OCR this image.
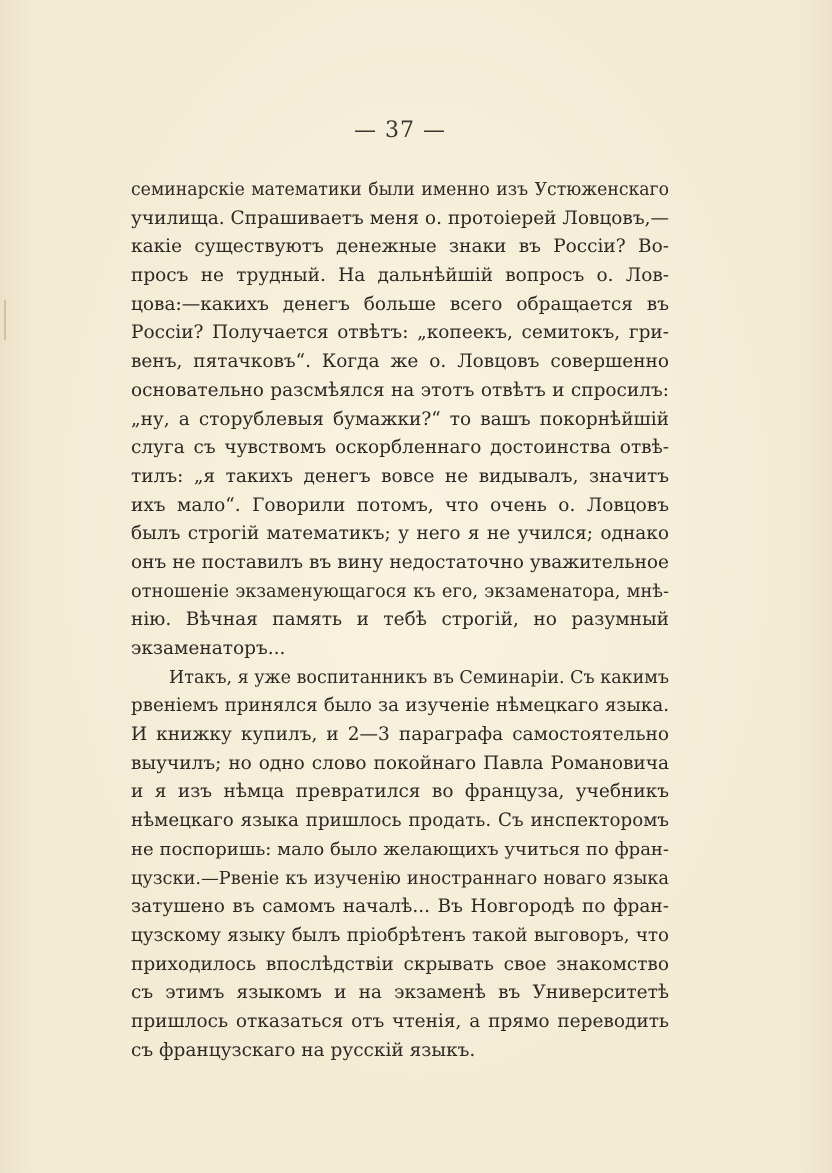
— 37 —
семинарскіе математики были именно изъ Устюженскаго
училища. Спрашиваетъ меня о. протоіерей Ловцовъ,—
какіе существуютъ денежные знаки въ Россіи? Во-
просъ не трудный. На дальнѣйшій вопросъ о. Лов-
цова:—какихъ денегъ больше всего обращается въ
Россіи? Получается отвѣтъ: „копеекъ, семитокъ, гри-
венъ, пятачковъ“. Когда же о. Ловцовъ совершенно
основательно разсмѣялся на этотъ отвѣтъ и спросилъ:
„ну, а сторублевыя бумажки?“ то вашъ покорнѣйшій
слуга съ чувствомъ оскорбленнаго достоинства отвѣ-
тилъ: „я такихъ денегъ вовсе не видывалъ, значитъ
ихъ мало“. Говорили потомъ, что очень о. Ловцовъ
былъ строгій математикъ; у него я не учился; однако
онъ не поставилъ въ вину недостаточно уважительное
отношеніе экзаменующагося къ его, экзаменатора, мнѣ-
нію. Вѣчная память и тебѣ строгій, но разумный
экзаменаторъ...
Итакъ, я уже воспитанникъ въ Семинаріи. Съ какимъ
рвеніемъ принялся было за изученіе нѣмецкаго языка.
И книжку купилъ, и 2—3 параграфа самостоятельно
выучилъ; но одно слово покойнаго Павла Романовича
и я изъ нѣмца превратился во француза, учебникъ
нѣмецкаго языка пришлось продать. Съ инспекторомъ
не поспоришь: мало было желающихъ учиться по фран-
цузски.—Рвеніе къ изученію иностраннаго новаго языка
затушено въ самомъ началѣ... Въ Новгородѣ по фран-
цузскому языку былъ пріобрѣтенъ такой выговоръ, что
приходилось впослѣдствіи скрывать свое знакомство
съ этимъ языкомъ и на экзаменѣ въ Университетѣ
пришлось отказаться отъ чтенія, а прямо переводить
съ французскаго на русскій языкъ.
